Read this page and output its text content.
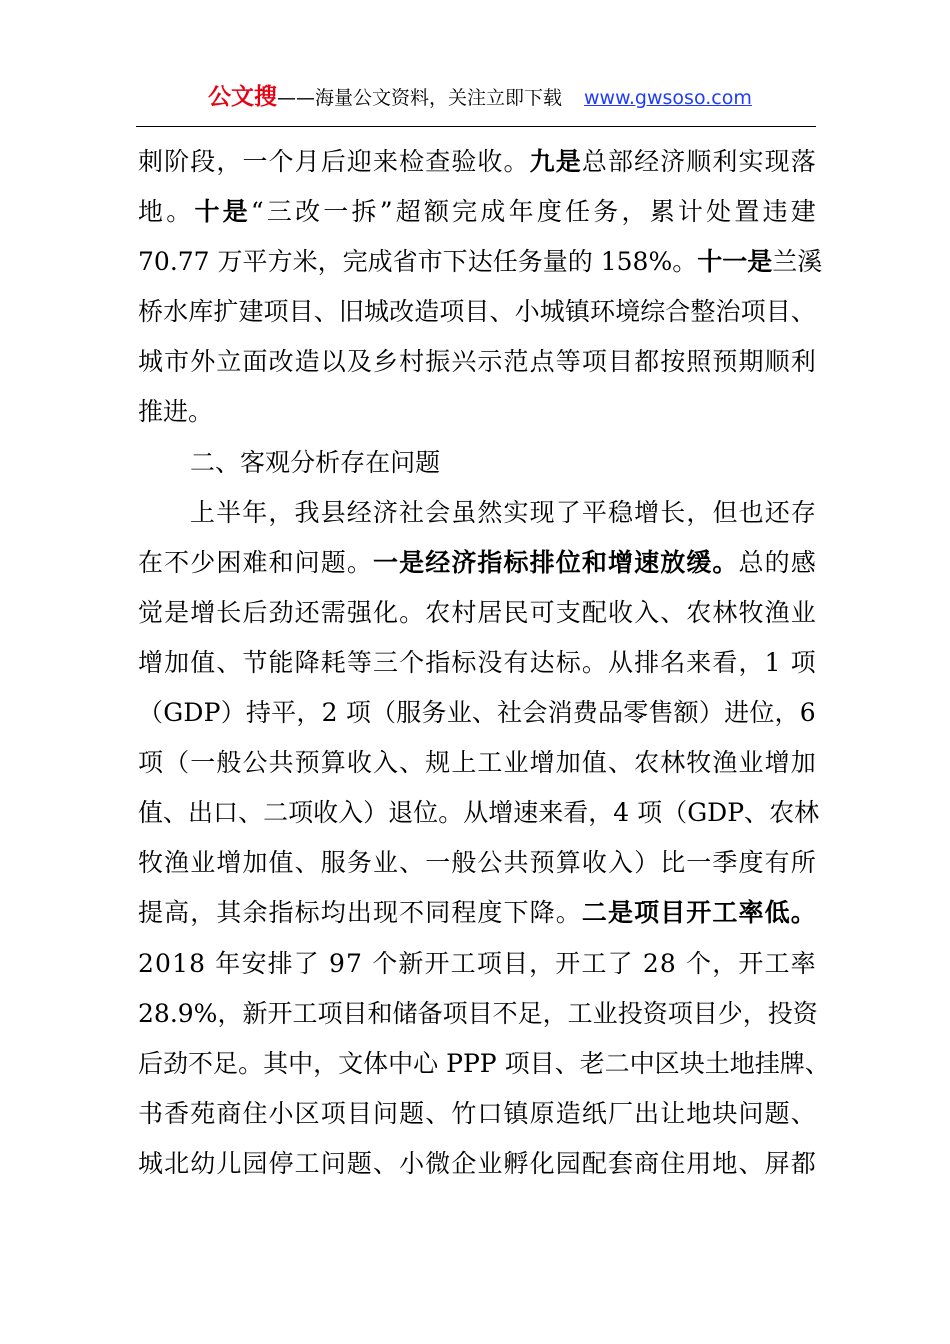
公文搜——海量公文资料，关注立即下载 www.gwsoso.com
刺 阶 段 ， 一 个 月 后 迎 来 检 查 验 收 。 九 是 总 部 经 济 顺 利 实 现 落
地 。 十 是 “ 三 改 一 拆 ” 超 额 完 成 年 度 任 务 ， 累 计 处 置 违 建
7 0 . 7 7
万 平 方 米 ， 完 成 省 市 下 达 任 务 量 的
1 5 8 % 。 十 一 是 兰 溪
桥 水 库 扩 建 项 目 、 旧 城 改 造 项 目 、 小 城 镇 环 境 综 合 整 治 项 目 、
城 市 外 立 面 改 造 以 及 乡 村 振 兴 示 范 点 等 项 目 都 按 照 预 期 顺 利
推 进 。
二 、 客 观 分 析 存 在 问 题
上 半 年 ， 我 县 经 济 社 会 虽 然 实 现 了 平 稳 增 长 ， 但 也 还 存
在 不 少 困 难 和 问 题 。 一 是 经 济 指 标 排 位 和 增 速 放 缓 。 总 的 感
觉 是 增 长 后 劲 还 需 强 化 。 农 村 居 民 可 支 配 收 入 、 农 林 牧 渔 业
增 加 值 、 节 能 降 耗 等 三 个 指 标 没 有 达 标 。 从 排 名 来 看 ， 1
项
（ G D P ） 持 平 ， 2
项 （ 服 务 业 、 社 会 消 费 品 零 售 额 ） 进 位 ， 6
项 （ 一 般 公 共 预 算 收 入 、 规 上 工 业 增 加 值 、 农 林 牧 渔 业 增 加
值 、 出 口 、 二 项 收 入 ） 退 位 。 从 增 速 来 看 ， 4
项 （ G D P 、 农 林
牧 渔 业 增 加 值 、 服 务 业 、 一 般 公 共 预 算 收 入 ） 比 一 季 度 有 所
提 高 ， 其 余 指 标 均 出 现 不 同 程 度 下 降 。 二 是 项 目 开 工 率 低 。
2 0 1 8
年 安 排 了
9 7
个 新 开 工 项 目 ， 开 工 了
2 8
个 ， 开 工 率
2 8 . 9 % ， 新 开 工 项 目 和 储 备 项 目 不 足 ， 工 业 投 资 项 目 少 ， 投 资
后 劲 不 足 。 其 中 ， 文 体 中 心
P P P
项 目 、 老 二 中 区 块 土 地 挂 牌 、
书 香 苑 商 住 小 区 项 目 问 题 、 竹 口 镇 原 造 纸 厂 出 让 地 块 问 题 、
城 北 幼 儿 园 停 工 问 题 、 小 微 企 业 孵 化 园 配 套 商 住 用 地 、 屏 都
